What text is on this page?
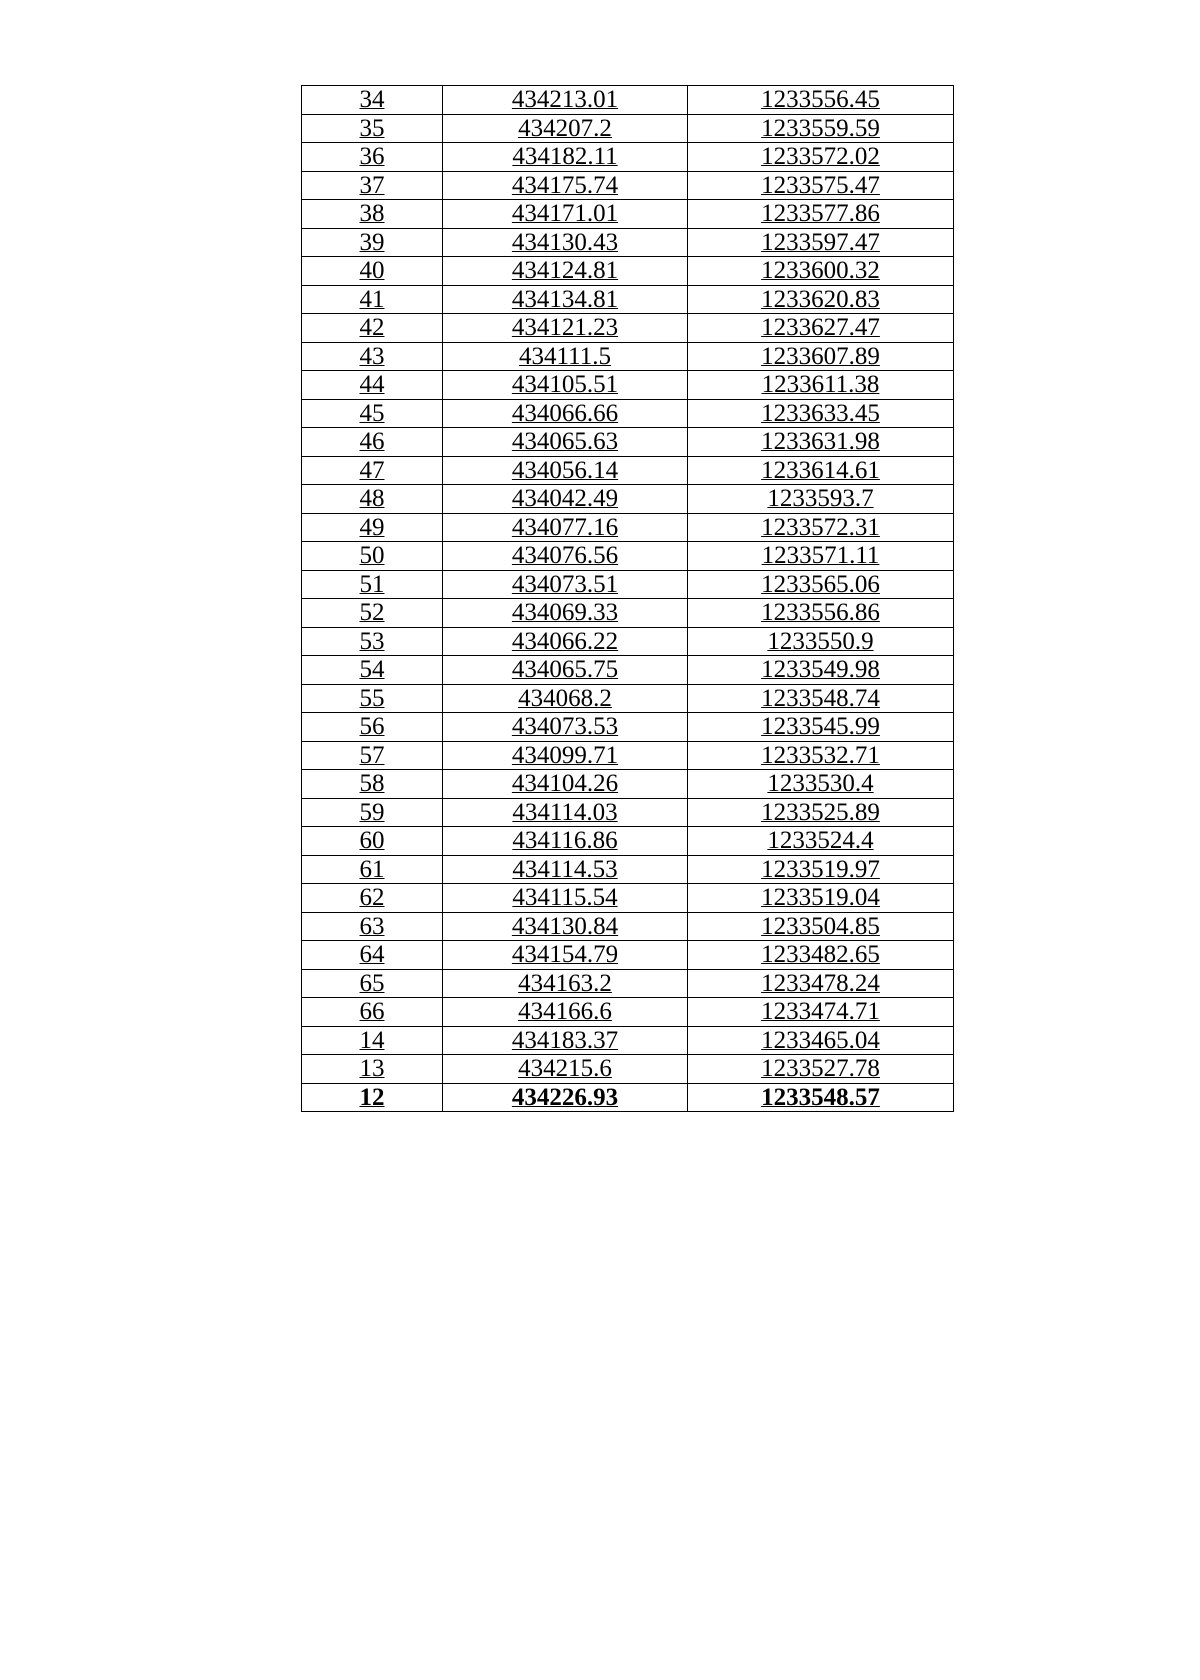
34	434213.01	1233556.45
35	434207.2	1233559.59
36	434182.11	1233572.02
37	434175.74	1233575.47
38	434171.01	1233577.86
39	434130.43	1233597.47
40	434124.81	1233600.32
41	434134.81	1233620.83
42	434121.23	1233627.47
43	434111.5	1233607.89
44	434105.51	1233611.38
45	434066.66	1233633.45
46	434065.63	1233631.98
47	434056.14	1233614.61
48	434042.49	1233593.7
49	434077.16	1233572.31
50	434076.56	1233571.11
51	434073.51	1233565.06
52	434069.33	1233556.86
53	434066.22	1233550.9
54	434065.75	1233549.98
55	434068.2	1233548.74
56	434073.53	1233545.99
57	434099.71	1233532.71
58	434104.26	1233530.4
59	434114.03	1233525.89
60	434116.86	1233524.4
61	434114.53	1233519.97
62	434115.54	1233519.04
63	434130.84	1233504.85
64	434154.79	1233482.65
65	434163.2	1233478.24
66	434166.6	1233474.71
14	434183.37	1233465.04
13	434215.6	1233527.78
12	434226.93	1233548.57
